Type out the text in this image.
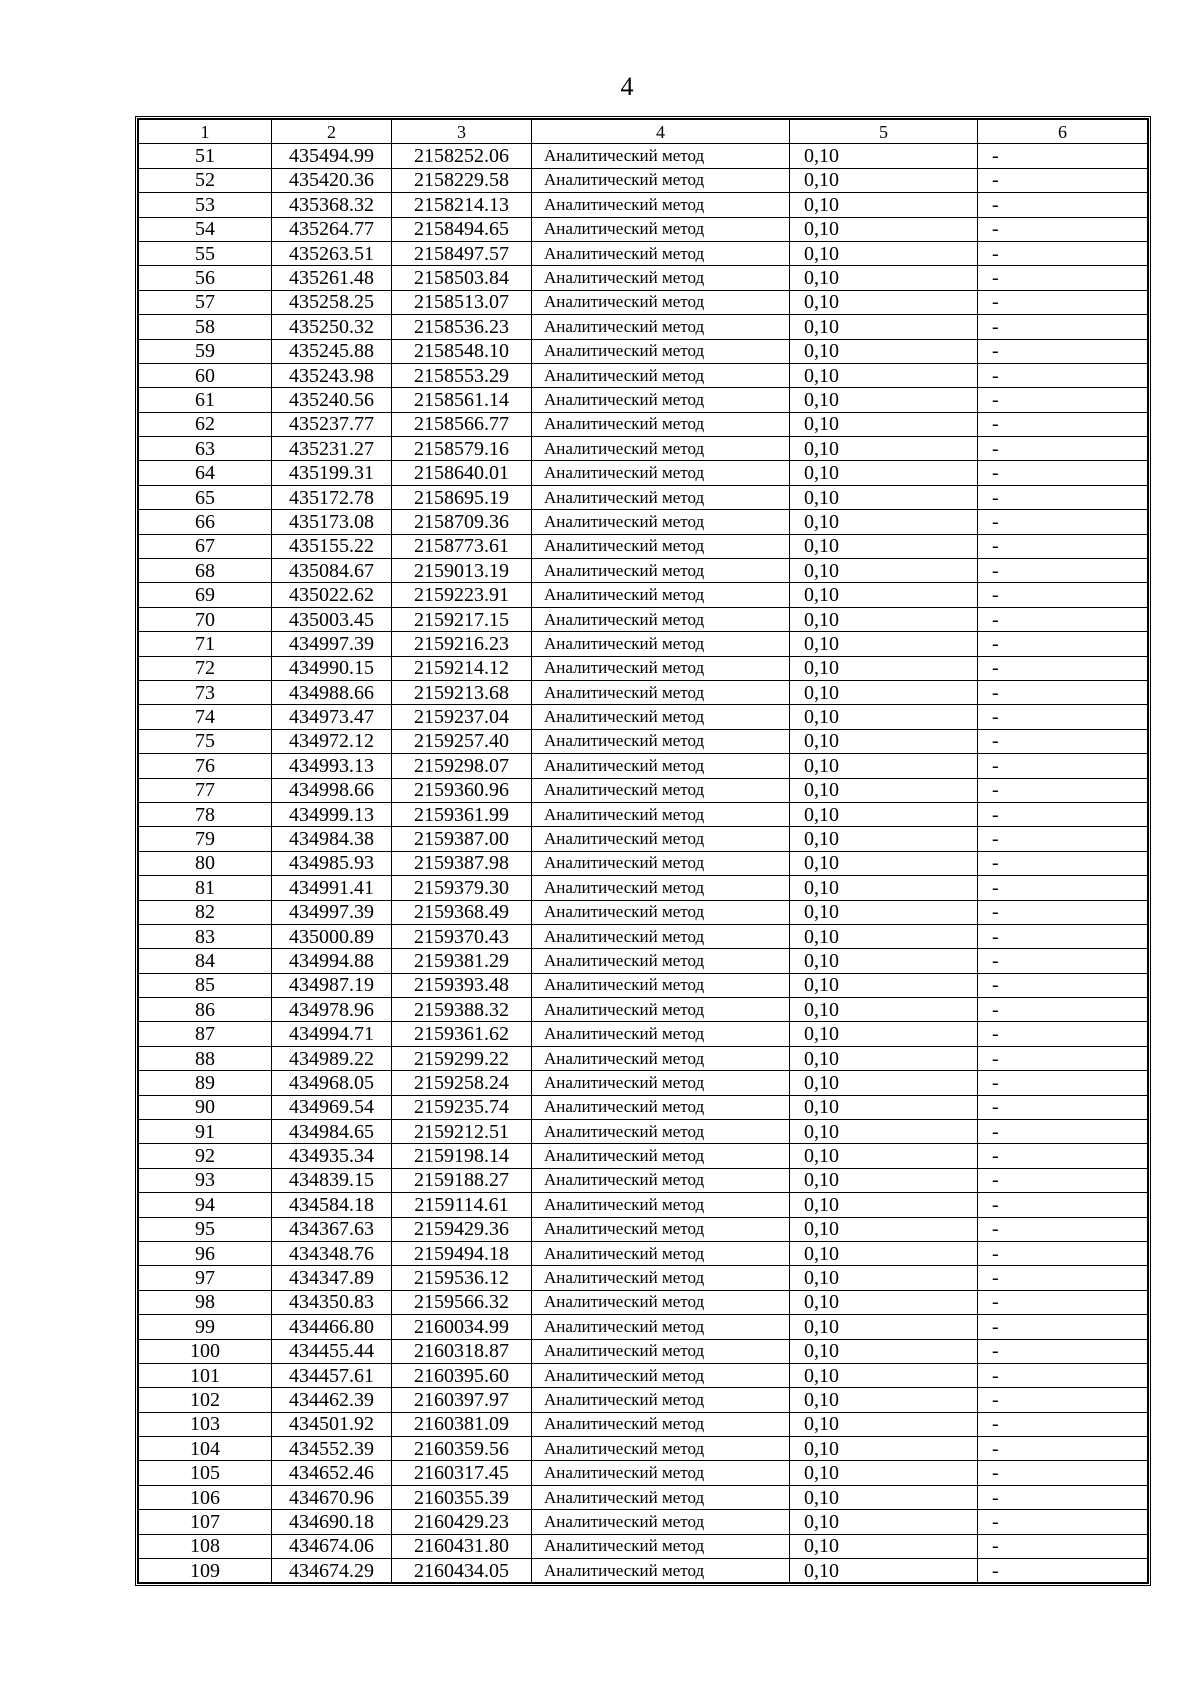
4
1	2	3	4	5	6
51	435494.99	2158252.06	Аналитический метод	0,10	-
52	435420.36	2158229.58	Аналитический метод	0,10	-
53	435368.32	2158214.13	Аналитический метод	0,10	-
54	435264.77	2158494.65	Аналитический метод	0,10	-
55	435263.51	2158497.57	Аналитический метод	0,10	-
56	435261.48	2158503.84	Аналитический метод	0,10	-
57	435258.25	2158513.07	Аналитический метод	0,10	-
58	435250.32	2158536.23	Аналитический метод	0,10	-
59	435245.88	2158548.10	Аналитический метод	0,10	-
60	435243.98	2158553.29	Аналитический метод	0,10	-
61	435240.56	2158561.14	Аналитический метод	0,10	-
62	435237.77	2158566.77	Аналитический метод	0,10	-
63	435231.27	2158579.16	Аналитический метод	0,10	-
64	435199.31	2158640.01	Аналитический метод	0,10	-
65	435172.78	2158695.19	Аналитический метод	0,10	-
66	435173.08	2158709.36	Аналитический метод	0,10	-
67	435155.22	2158773.61	Аналитический метод	0,10	-
68	435084.67	2159013.19	Аналитический метод	0,10	-
69	435022.62	2159223.91	Аналитический метод	0,10	-
70	435003.45	2159217.15	Аналитический метод	0,10	-
71	434997.39	2159216.23	Аналитический метод	0,10	-
72	434990.15	2159214.12	Аналитический метод	0,10	-
73	434988.66	2159213.68	Аналитический метод	0,10	-
74	434973.47	2159237.04	Аналитический метод	0,10	-
75	434972.12	2159257.40	Аналитический метод	0,10	-
76	434993.13	2159298.07	Аналитический метод	0,10	-
77	434998.66	2159360.96	Аналитический метод	0,10	-
78	434999.13	2159361.99	Аналитический метод	0,10	-
79	434984.38	2159387.00	Аналитический метод	0,10	-
80	434985.93	2159387.98	Аналитический метод	0,10	-
81	434991.41	2159379.30	Аналитический метод	0,10	-
82	434997.39	2159368.49	Аналитический метод	0,10	-
83	435000.89	2159370.43	Аналитический метод	0,10	-
84	434994.88	2159381.29	Аналитический метод	0,10	-
85	434987.19	2159393.48	Аналитический метод	0,10	-
86	434978.96	2159388.32	Аналитический метод	0,10	-
87	434994.71	2159361.62	Аналитический метод	0,10	-
88	434989.22	2159299.22	Аналитический метод	0,10	-
89	434968.05	2159258.24	Аналитический метод	0,10	-
90	434969.54	2159235.74	Аналитический метод	0,10	-
91	434984.65	2159212.51	Аналитический метод	0,10	-
92	434935.34	2159198.14	Аналитический метод	0,10	-
93	434839.15	2159188.27	Аналитический метод	0,10	-
94	434584.18	2159114.61	Аналитический метод	0,10	-
95	434367.63	2159429.36	Аналитический метод	0,10	-
96	434348.76	2159494.18	Аналитический метод	0,10	-
97	434347.89	2159536.12	Аналитический метод	0,10	-
98	434350.83	2159566.32	Аналитический метод	0,10	-
99	434466.80	2160034.99	Аналитический метод	0,10	-
100	434455.44	2160318.87	Аналитический метод	0,10	-
101	434457.61	2160395.60	Аналитический метод	0,10	-
102	434462.39	2160397.97	Аналитический метод	0,10	-
103	434501.92	2160381.09	Аналитический метод	0,10	-
104	434552.39	2160359.56	Аналитический метод	0,10	-
105	434652.46	2160317.45	Аналитический метод	0,10	-
106	434670.96	2160355.39	Аналитический метод	0,10	-
107	434690.18	2160429.23	Аналитический метод	0,10	-
108	434674.06	2160431.80	Аналитический метод	0,10	-
109	434674.29	2160434.05	Аналитический метод	0,10	-
